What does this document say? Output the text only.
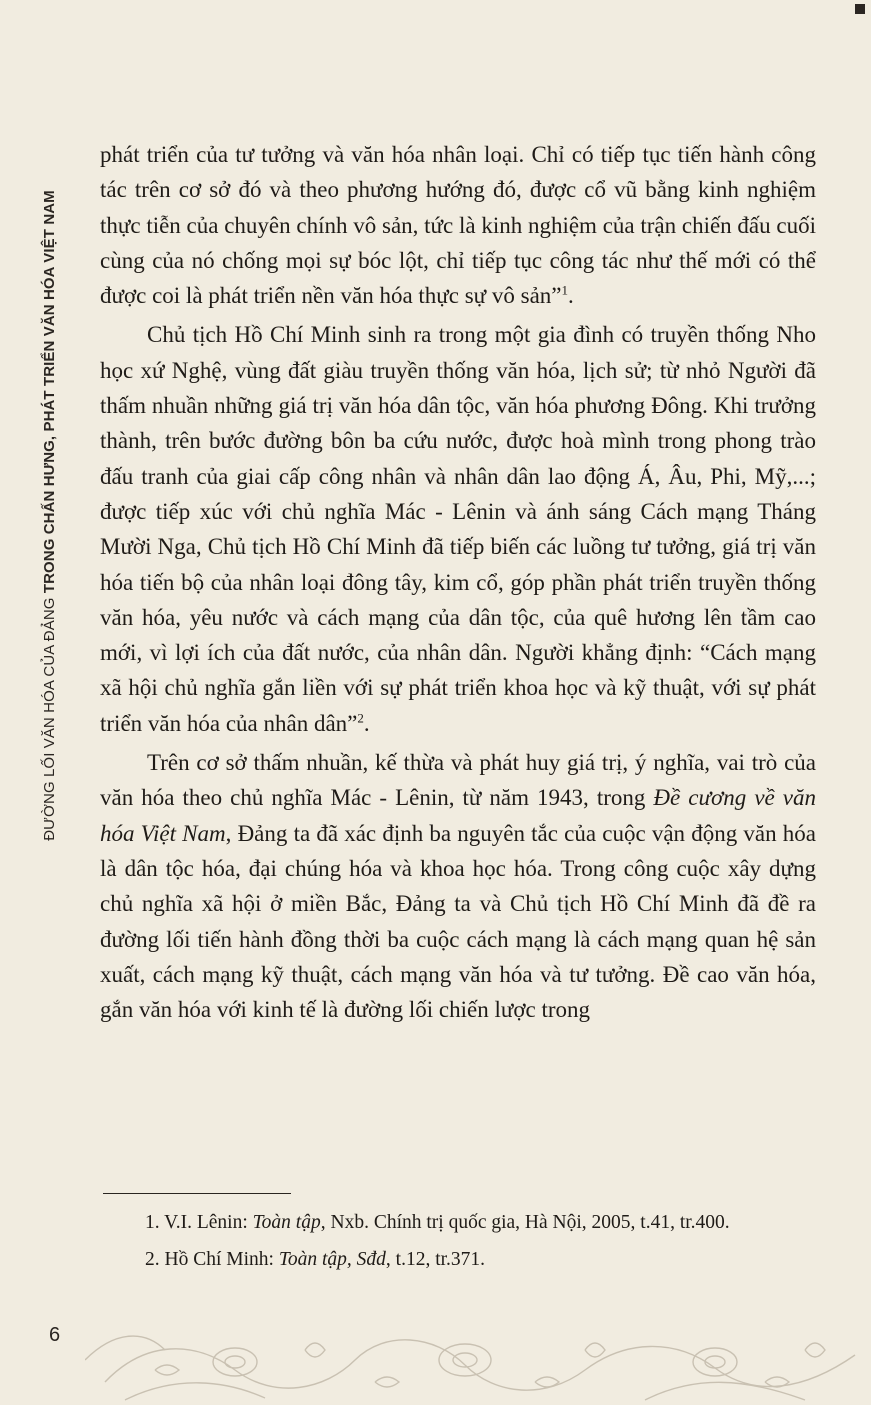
ĐƯỜNG LỐI VĂN HÓA CỦA ĐẢNG TRONG CHẤN HƯNG, PHÁT TRIỂN VĂN HÓA VIỆT NAM

phát triển của tư tưởng và văn hóa nhân loại. Chỉ có tiếp tục tiến hành công tác trên cơ sở đó và theo phương hướng đó, được cổ vũ bằng kinh nghiệm thực tiễn của chuyên chính vô sản, tức là kinh nghiệm của trận chiến đấu cuối cùng của nó chống mọi sự bóc lột, chỉ tiếp tục công tác như thế mới có thể được coi là phát triển nền văn hóa thực sự vô sản”$^1$.

Chủ tịch Hồ Chí Minh sinh ra trong một gia đình có truyền thống Nho học xứ Nghệ, vùng đất giàu truyền thống văn hóa, lịch sử; từ nhỏ Người đã thấm nhuần những giá trị văn hóa dân tộc, văn hóa phương Đông. Khi trưởng thành, trên bước đường bôn ba cứu nước, được hoà mình trong phong trào đấu tranh của giai cấp công nhân và nhân dân lao động Á, Âu, Phi, Mỹ,...; được tiếp xúc với chủ nghĩa Mác - Lênin và ánh sáng Cách mạng Tháng Mười Nga, Chủ tịch Hồ Chí Minh đã tiếp biến các luồng tư tưởng, giá trị văn hóa tiến bộ của nhân loại đông tây, kim cổ, góp phần phát triển truyền thống văn hóa, yêu nước và cách mạng của dân tộc, của quê hương lên tầm cao mới, vì lợi ích của đất nước, của nhân dân. Người khẳng định: “Cách mạng xã hội chủ nghĩa gắn liền với sự phát triển khoa học và kỹ thuật, với sự phát triển văn hóa của nhân dân”$^2$.

Trên cơ sở thấm nhuần, kế thừa và phát huy giá trị, ý nghĩa, vai trò của văn hóa theo chủ nghĩa Mác - Lênin, từ năm 1943, trong Đề cương về văn hóa Việt Nam, Đảng ta đã xác định ba nguyên tắc của cuộc vận động văn hóa là dân tộc hóa, đại chúng hóa và khoa học hóa. Trong công cuộc xây dựng chủ nghĩa xã hội ở miền Bắc, Đảng ta và Chủ tịch Hồ Chí Minh đã đề ra đường lối tiến hành đồng thời ba cuộc cách mạng là cách mạng quan hệ sản xuất, cách mạng kỹ thuật, cách mạng văn hóa và tư tưởng. Đề cao văn hóa, gắn văn hóa với kinh tế là đường lối chiến lược trong

1. V.I. Lênin: Toàn tập, Nxb. Chính trị quốc gia, Hà Nội, 2005, t.41, tr.400.

2. Hồ Chí Minh: Toàn tập, Sđd, t.12, tr.371.

6
